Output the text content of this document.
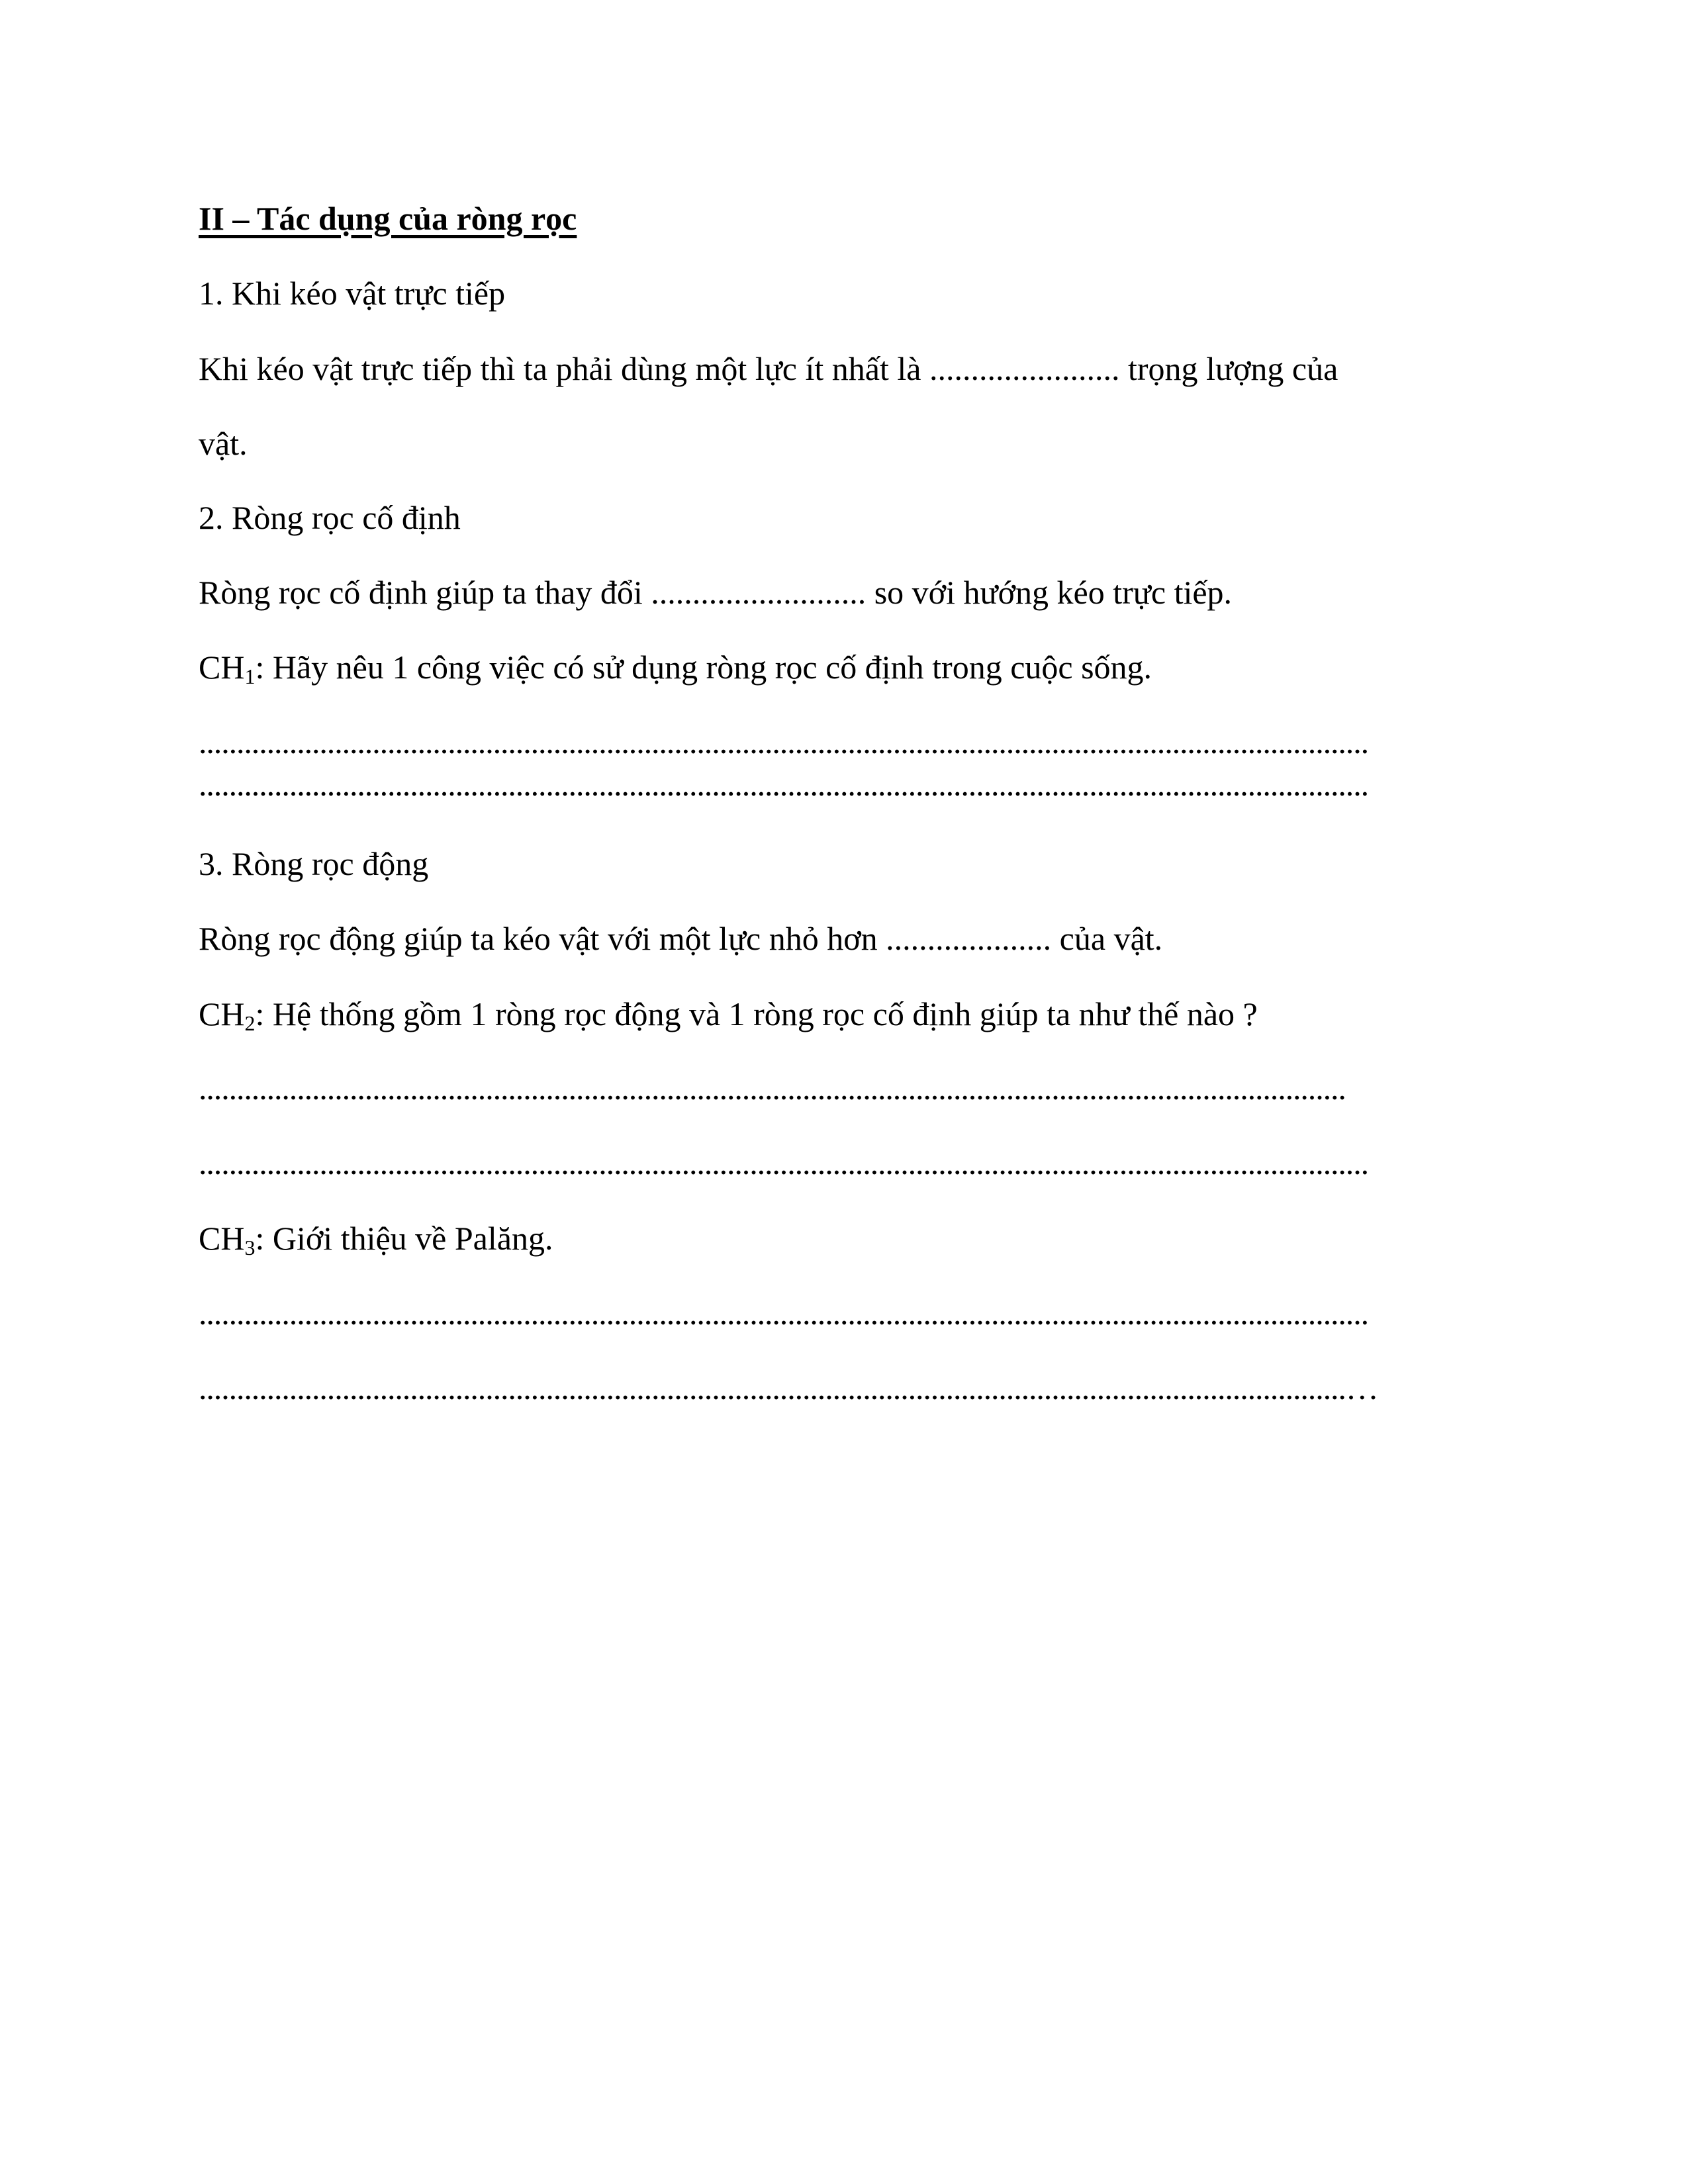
II – Tác dụng của ròng rọc

1. Khi kéo vật trực tiếp

Khi kéo vật trực tiếp thì ta phải dùng một lực ít nhất là ....................... trọng lượng của

vật.

2. Ròng rọc cố định

Ròng rọc cố định giúp ta thay đổi .......................... so với hướng kéo trực tiếp.

$CH_1$: Hãy nêu 1 công việc có sử dụng ròng rọc cố định trong cuộc sống.

...........................................................................................................................................................

...........................................................................................................................................................

3. Ròng rọc động

Ròng rọc động giúp ta kéo vật với một lực nhỏ hơn .................... của vật.

$CH_2$: Hệ thống gồm 1 ròng rọc động và 1 ròng rọc cố định giúp ta như thế nào ?

........................................................................................................................................................

...........................................................................................................................................................

$CH_3$: Giới thiệu về Palăng.

...........................................................................................................................................................

........................................................................................................................................................…
